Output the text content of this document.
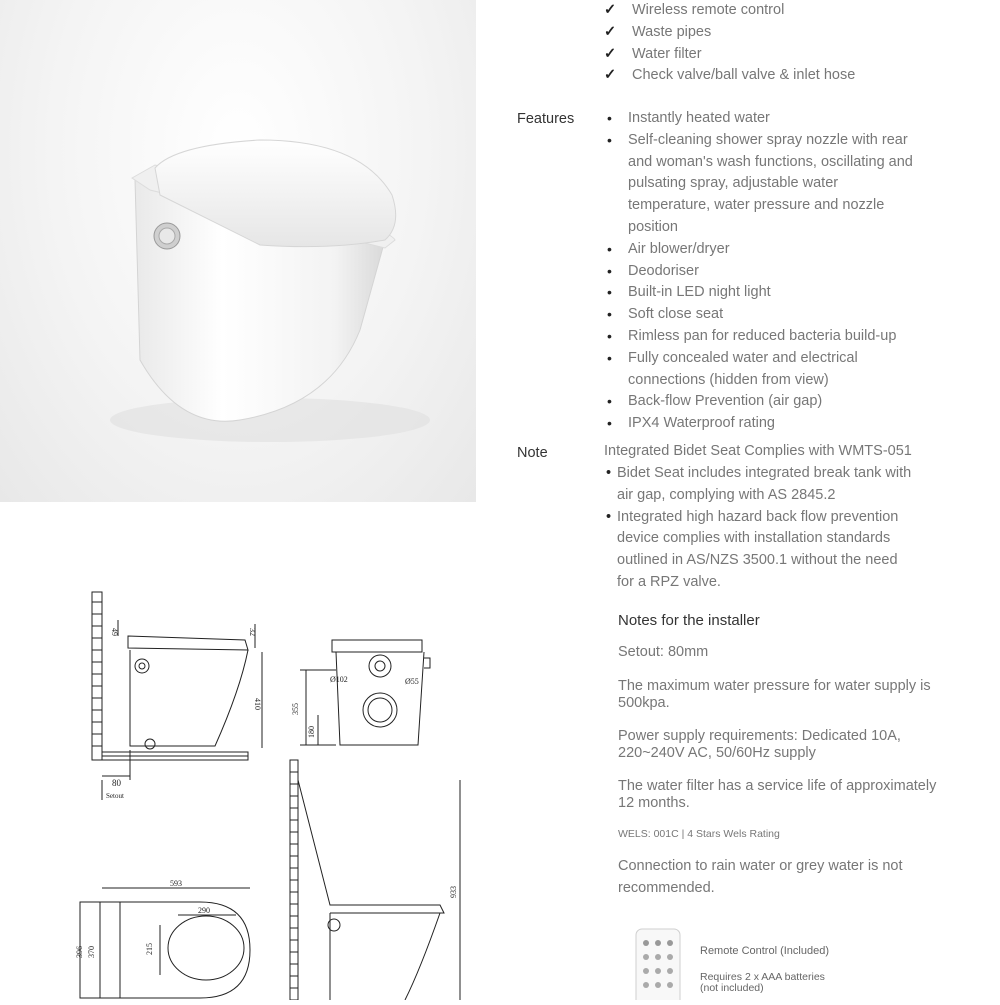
✓ Wireless remote control
✓ Waste pipes
✓ Water filter
✓ Check valve/ball valve & inlet hose
Features • Instantly heated water
• Self-cleaning shower spray nozzle with rear
and woman's wash functions, oscillating and
pulsating spray, adjustable water
temperature, water pressure and nozzle
position
• Air blower/dryer
• Deodoriser
• Built-in LED night light
• Soft close seat
• Rimless pan for reduced bacteria build-up
• Fully concealed water and electrical
connections (hidden from view)
• Back-flow Prevention (air gap)
• IPX4 Waterproof rating
Note	Integrated Bidet Seat Complies with WMTS-051
• Bidet Seat includes integrated break tank with
air gap, complying with AS 2845.2
• Integrated high hazard back flow prevention
device complies with installation standards
outlined in AS/NZS 3500.1 without the need
for a RPZ valve.
Notes for the installer
Setout: 80mm
The maximum water pressure for water supply is 500kpa.
Power supply requirements: Dedicated 10A, 220~240V AC, 50/60Hz supply
The water filter has a service life of approximately 12 months.
WELS: 001C | 4 Stars Wels Rating
Connection to rain water or grey water is not recommended.
Remote Control (Included)
Requires 2 x AAA batteries
(not included)
49	32
410
80
Setout
Ø102	Ø55
355
180
593
290
215
396 370
933
